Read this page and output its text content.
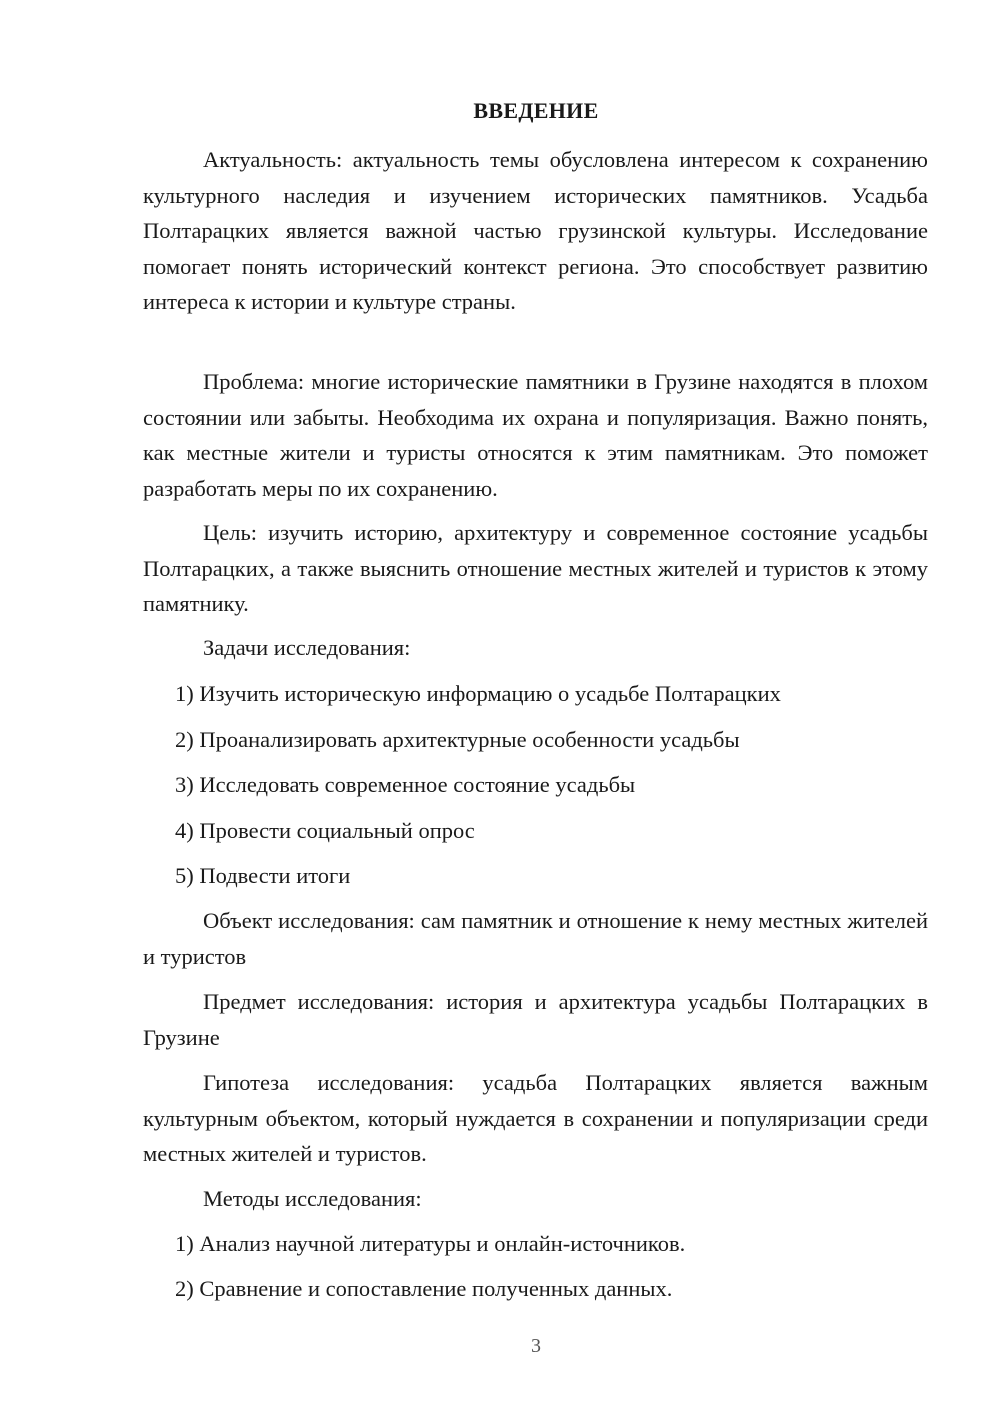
ВВЕДЕНИЕ

Актуальность: актуальность темы обусловлена интересом к сохранению культурного наследия и изучением исторических памятников. Усадьба Полтарацких является важной частью грузинской культуры. Исследование помогает понять исторический контекст региона. Это способствует развитию интереса к истории и культуре страны.

Проблема: многие исторические памятники в Грузине находятся в плохом состоянии или забыты. Необходима их охрана и популяризация. Важно понять, как местные жители и туристы относятся к этим памятникам. Это поможет разработать меры по их сохранению.

Цель: изучить историю, архитектуру и современное состояние усадьбы Полтарацких, а также выяснить отношение местных жителей и туристов к этому памятнику.

Задачи исследования:

1) Изучить историческую информацию о усадьбе Полтарацких

2) Проанализировать архитектурные особенности усадьбы

3) Исследовать современное состояние усадьбы

4) Провести социальный опрос

5) Подвести итоги

Объект исследования: сам памятник и отношение к нему местных жителей и туристов

Предмет исследования: история и архитектура усадьбы Полтарацких в Грузине

Гипотеза исследования: усадьба Полтарацких является важным культурным объектом, который нуждается в сохранении и популяризации среди местных жителей и туристов.

Методы исследования:

1) Анализ научной литературы и онлайн-источников.

2) Сравнение и сопоставление полученных данных.

3
